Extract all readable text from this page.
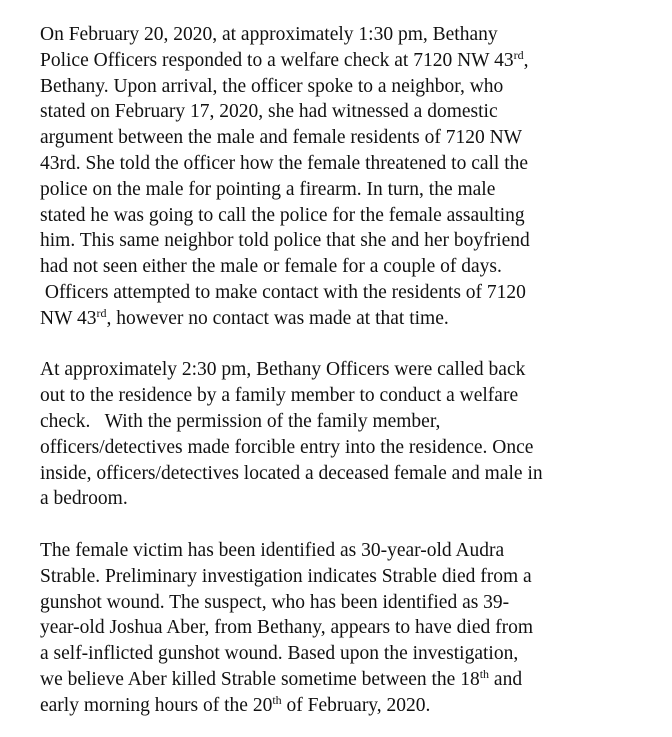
On February 20, 2020, at approximately 1:30 pm, Bethany
Police Officers responded to a welfare check at 7120 NW 43rd,
Bethany. Upon arrival, the officer spoke to a neighbor, who
stated on February 17, 2020, she had witnessed a domestic
argument between the male and female residents of 7120 NW
43rd. She told the officer how the female threatened to call the
police on the male for pointing a firearm. In turn, the male
stated he was going to call the police for the female assaulting
him. This same neighbor told police that she and her boyfriend
had not seen either the male or female for a couple of days.
Officers attempted to make contact with the residents of 7120
NW 43rd, however no contact was made at that time.
At approximately 2:30 pm, Bethany Officers were called back
out to the residence by a family member to conduct a welfare
check.   With the permission of the family member,
officers/detectives made forcible entry into the residence. Once
inside, officers/detectives located a deceased female and male in
a bedroom.
The female victim has been identified as 30-year-old Audra
Strable. Preliminary investigation indicates Strable died from a
gunshot wound. The suspect, who has been identified as 39-
year-old Joshua Aber, from Bethany, appears to have died from
a self-inflicted gunshot wound. Based upon the investigation,
we believe Aber killed Strable sometime between the 18th and
early morning hours of the 20th of February, 2020.
